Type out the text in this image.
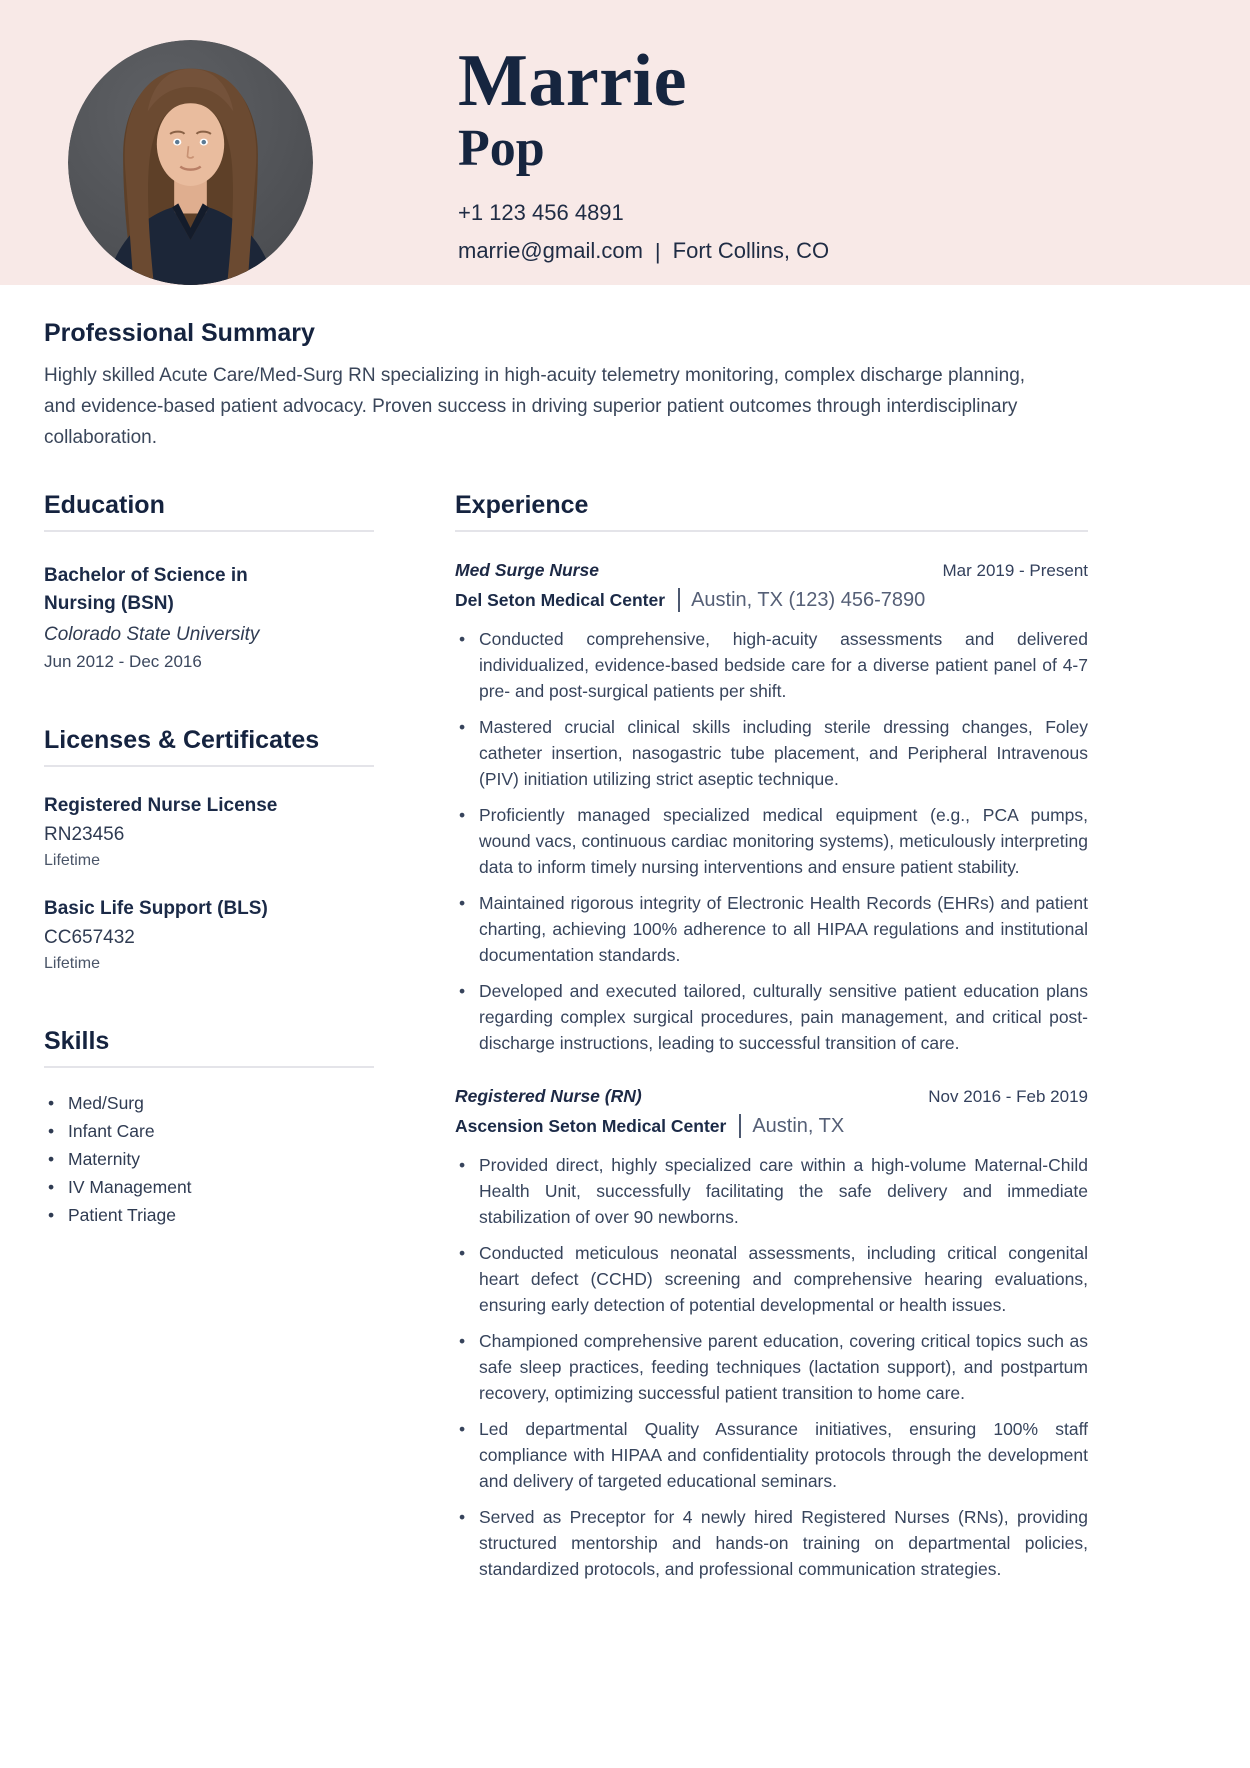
Marrie
Pop
+1 123 456 4891
marrie@gmail.com | Fort Collins, CO
Professional Summary

Highly skilled Acute Care/Med-Surg RN specializing in high-acuity telemetry monitoring, complex discharge planning, and evidence-based patient advocacy. Proven success in driving superior patient outcomes through interdisciplinary collaboration.

Education
Bachelor of Science in Nursing (BSN)
Colorado State University
Jun 2012 - Dec 2016
Licenses & Certificates
Registered Nurse License
RN23456
Lifetime
Basic Life Support (BLS)
CC657432
Lifetime
Skills
• Med/Surg
• Infant Care
• Maternity
• IV Management
• Patient Triage
Experience
Med Surge Nurse	Mar 2019 - Present
Del Seton Medical Center Austin, TX (123) 456-7890
• Conducted comprehensive, high-acuity assessments and delivered individualized, evidence-based bedside care for a diverse patient panel of 4-7 pre- and post-surgical patients per shift.
• Mastered crucial clinical skills including sterile dressing changes, Foley catheter insertion, nasogastric tube placement, and Peripheral Intravenous (PIV) initiation utilizing strict aseptic technique.
• Proficiently managed specialized medical equipment (e.g., PCA pumps, wound vacs, continuous cardiac monitoring systems), meticulously interpreting data to inform timely nursing interventions and ensure patient stability.
• Maintained rigorous integrity of Electronic Health Records (EHRs) and patient charting, achieving 100% adherence to all HIPAA regulations and institutional documentation standards.
• Developed and executed tailored, culturally sensitive patient education plans regarding complex surgical procedures, pain management, and critical post-discharge instructions, leading to successful transition of care.
Registered Nurse (RN)	Nov 2016 - Feb 2019
Ascension Seton Medical Center Austin, TX
• Provided direct, highly specialized care within a high-volume Maternal-Child Health Unit, successfully facilitating the safe delivery and immediate stabilization of over 90 newborns.
• Conducted meticulous neonatal assessments, including critical congenital heart defect (CCHD) screening and comprehensive hearing evaluations, ensuring early detection of potential developmental or health issues.
• Championed comprehensive parent education, covering critical topics such as safe sleep practices, feeding techniques (lactation support), and postpartum recovery, optimizing successful patient transition to home care.
• Led departmental Quality Assurance initiatives, ensuring 100% staff compliance with HIPAA and confidentiality protocols through the development and delivery of targeted educational seminars.
• Served as Preceptor for 4 newly hired Registered Nurses (RNs), providing structured mentorship and hands-on training on departmental policies, standardized protocols, and professional communication strategies.
